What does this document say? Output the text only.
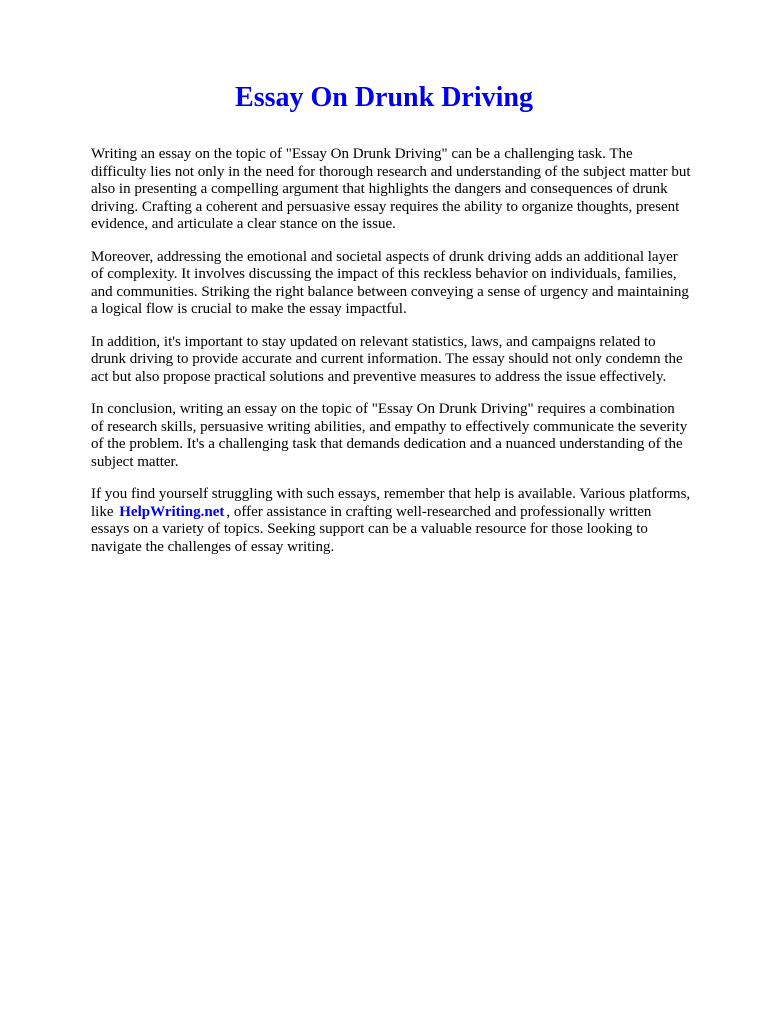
Essay On Drunk Driving

Writing an essay on the topic of "Essay On Drunk Driving" can be a challenging task. The difficulty lies not only in the need for thorough research and understanding of the subject matter but also in presenting a compelling argument that highlights the dangers and consequences of drunk driving. Crafting a coherent and persuasive essay requires the ability to organize thoughts, present evidence, and articulate a clear stance on the issue.

Moreover, addressing the emotional and societal aspects of drunk driving adds an additional layer of complexity. It involves discussing the impact of this reckless behavior on individuals, families, and communities. Striking the right balance between conveying a sense of urgency and maintaining a logical flow is crucial to make the essay impactful.

In addition, it's important to stay updated on relevant statistics, laws, and campaigns related to drunk driving to provide accurate and current information. The essay should not only condemn the act but also propose practical solutions and preventive measures to address the issue effectively.

In conclusion, writing an essay on the topic of "Essay On Drunk Driving" requires a combination of research skills, persuasive writing abilities, and empathy to effectively communicate the severity of the problem. It's a challenging task that demands dedication and a nuanced understanding of the subject matter.

If you find yourself struggling with such essays, remember that help is available. Various platforms, like HelpWriting.net , offer assistance in crafting well-researched and professionally written essays on a variety of topics. Seeking support can be a valuable resource for those looking to navigate the challenges of essay writing.
